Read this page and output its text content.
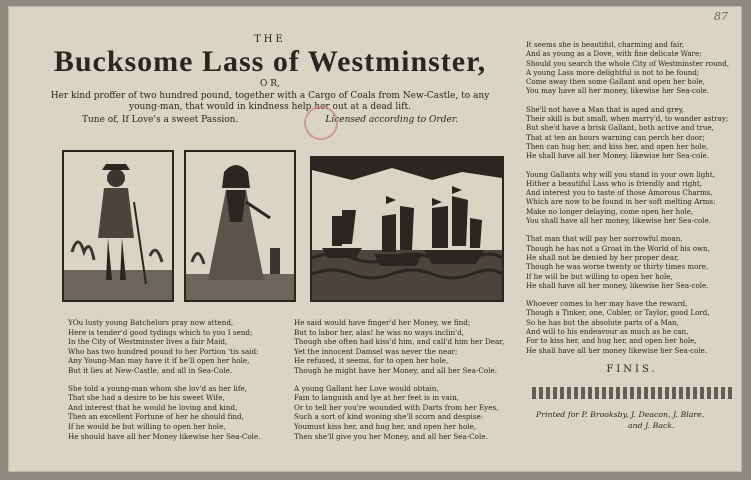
87
THE
Bucksome Lass of Westminster,
O R,
Her kind proffer of two hundred pound, together with a Cargo of Coals from New-Castle, to any young-man, that would in kindness help her out at a dead lift.
Tune of, If Love's a sweet Passion.	Licensed according to Order.
YOu lusty young Batchelors pray now attend,
Here is tender'd good tydings which to you I send;
In the City of Westminster lives a fair Maid,
Who has two hundred pound to her Portion 'tis said:
Any Young-Man may have it if he'll open her hole,
But it lies at New-Castle, and all in Sea-Cole.
She told a young-man whom she lov'd as her life,
That she had a desire to be his sweet Wife,
And interest that he would be loving and kind,
Then an excellent Fortune of her he should find,
If he would be but willing to open her hole,
He should have all her Money likewise her Sea-Cole.
He said would have finger'd her Money, we find;
But to labor her, alas! he was no ways inclin'd,
Though she often had kiss'd him, and call'd him her Dear,
Yet the innocent Damsel was never the near;
He refused, it seems, for to open her hole,
Though he might have her Money, and all her Sea-Cole.
A young Gallant her Love would obtain,
Fain to languish and lye at her feet is in vain,
Or to tell her you're wounded with Darts from her Eyes,
Such a sort of kind wooing she'll scorn and despise:
Youmust kiss her, and hug her, and open her hole,
Then she'll give you her Money, and all her Sea-Cole.
It seems she is beautiful, charming and fair,
And as young as a Dove, with fine delicate Ware;
Should you search the whole City of Westminster round,
A young Lass more delightful is not to be found;
Come away then some Gallant and open her hole,
You may have all her money, likewise her Sea-cole.
She'll not have a Man that is aged and grey,
Their skill is but small, when marry'd, to wander astray;
But she'd have a brisk Gallant, both active and true,
That at ten an hours warning can perch her door;
Then can hug her, and kiss her, and open her hole,
He shall have all her Money, likewise her Sea-cole.
Young Gallants why will you stand in your own light,
Hither a beautiful Lass who is friendly and right,
And interest you to taste of those Amorous Charms,
Which are now to be found in her soft melting Arms:
Make no longer delaying, come open her hole,
You shall have all her money, likewise her Sea-cole.
That man that will pay her sorrowful moan,
Though he has not a Groat in the World of his own,
He shall not be denied by her proper dear,
Though he was worse twenty or thirty times more,
If he will be but willing to open her hole,
He shall have all her money, likewise her Sea-cole.
Whoever comes to her may have the reward,
Though a Tinker, one, Cobler, or Taylor, good Lord,
So he has but the absolute parts of a Man,
And will to his endeavour as much as he can,
For to kiss her, and hug her, and open her hole,
He shall have all her money likewise her Sea-cole.
FINIS.
Printed for P. Brooksby, J. Deacon, J. Blare,
and J. Back.
